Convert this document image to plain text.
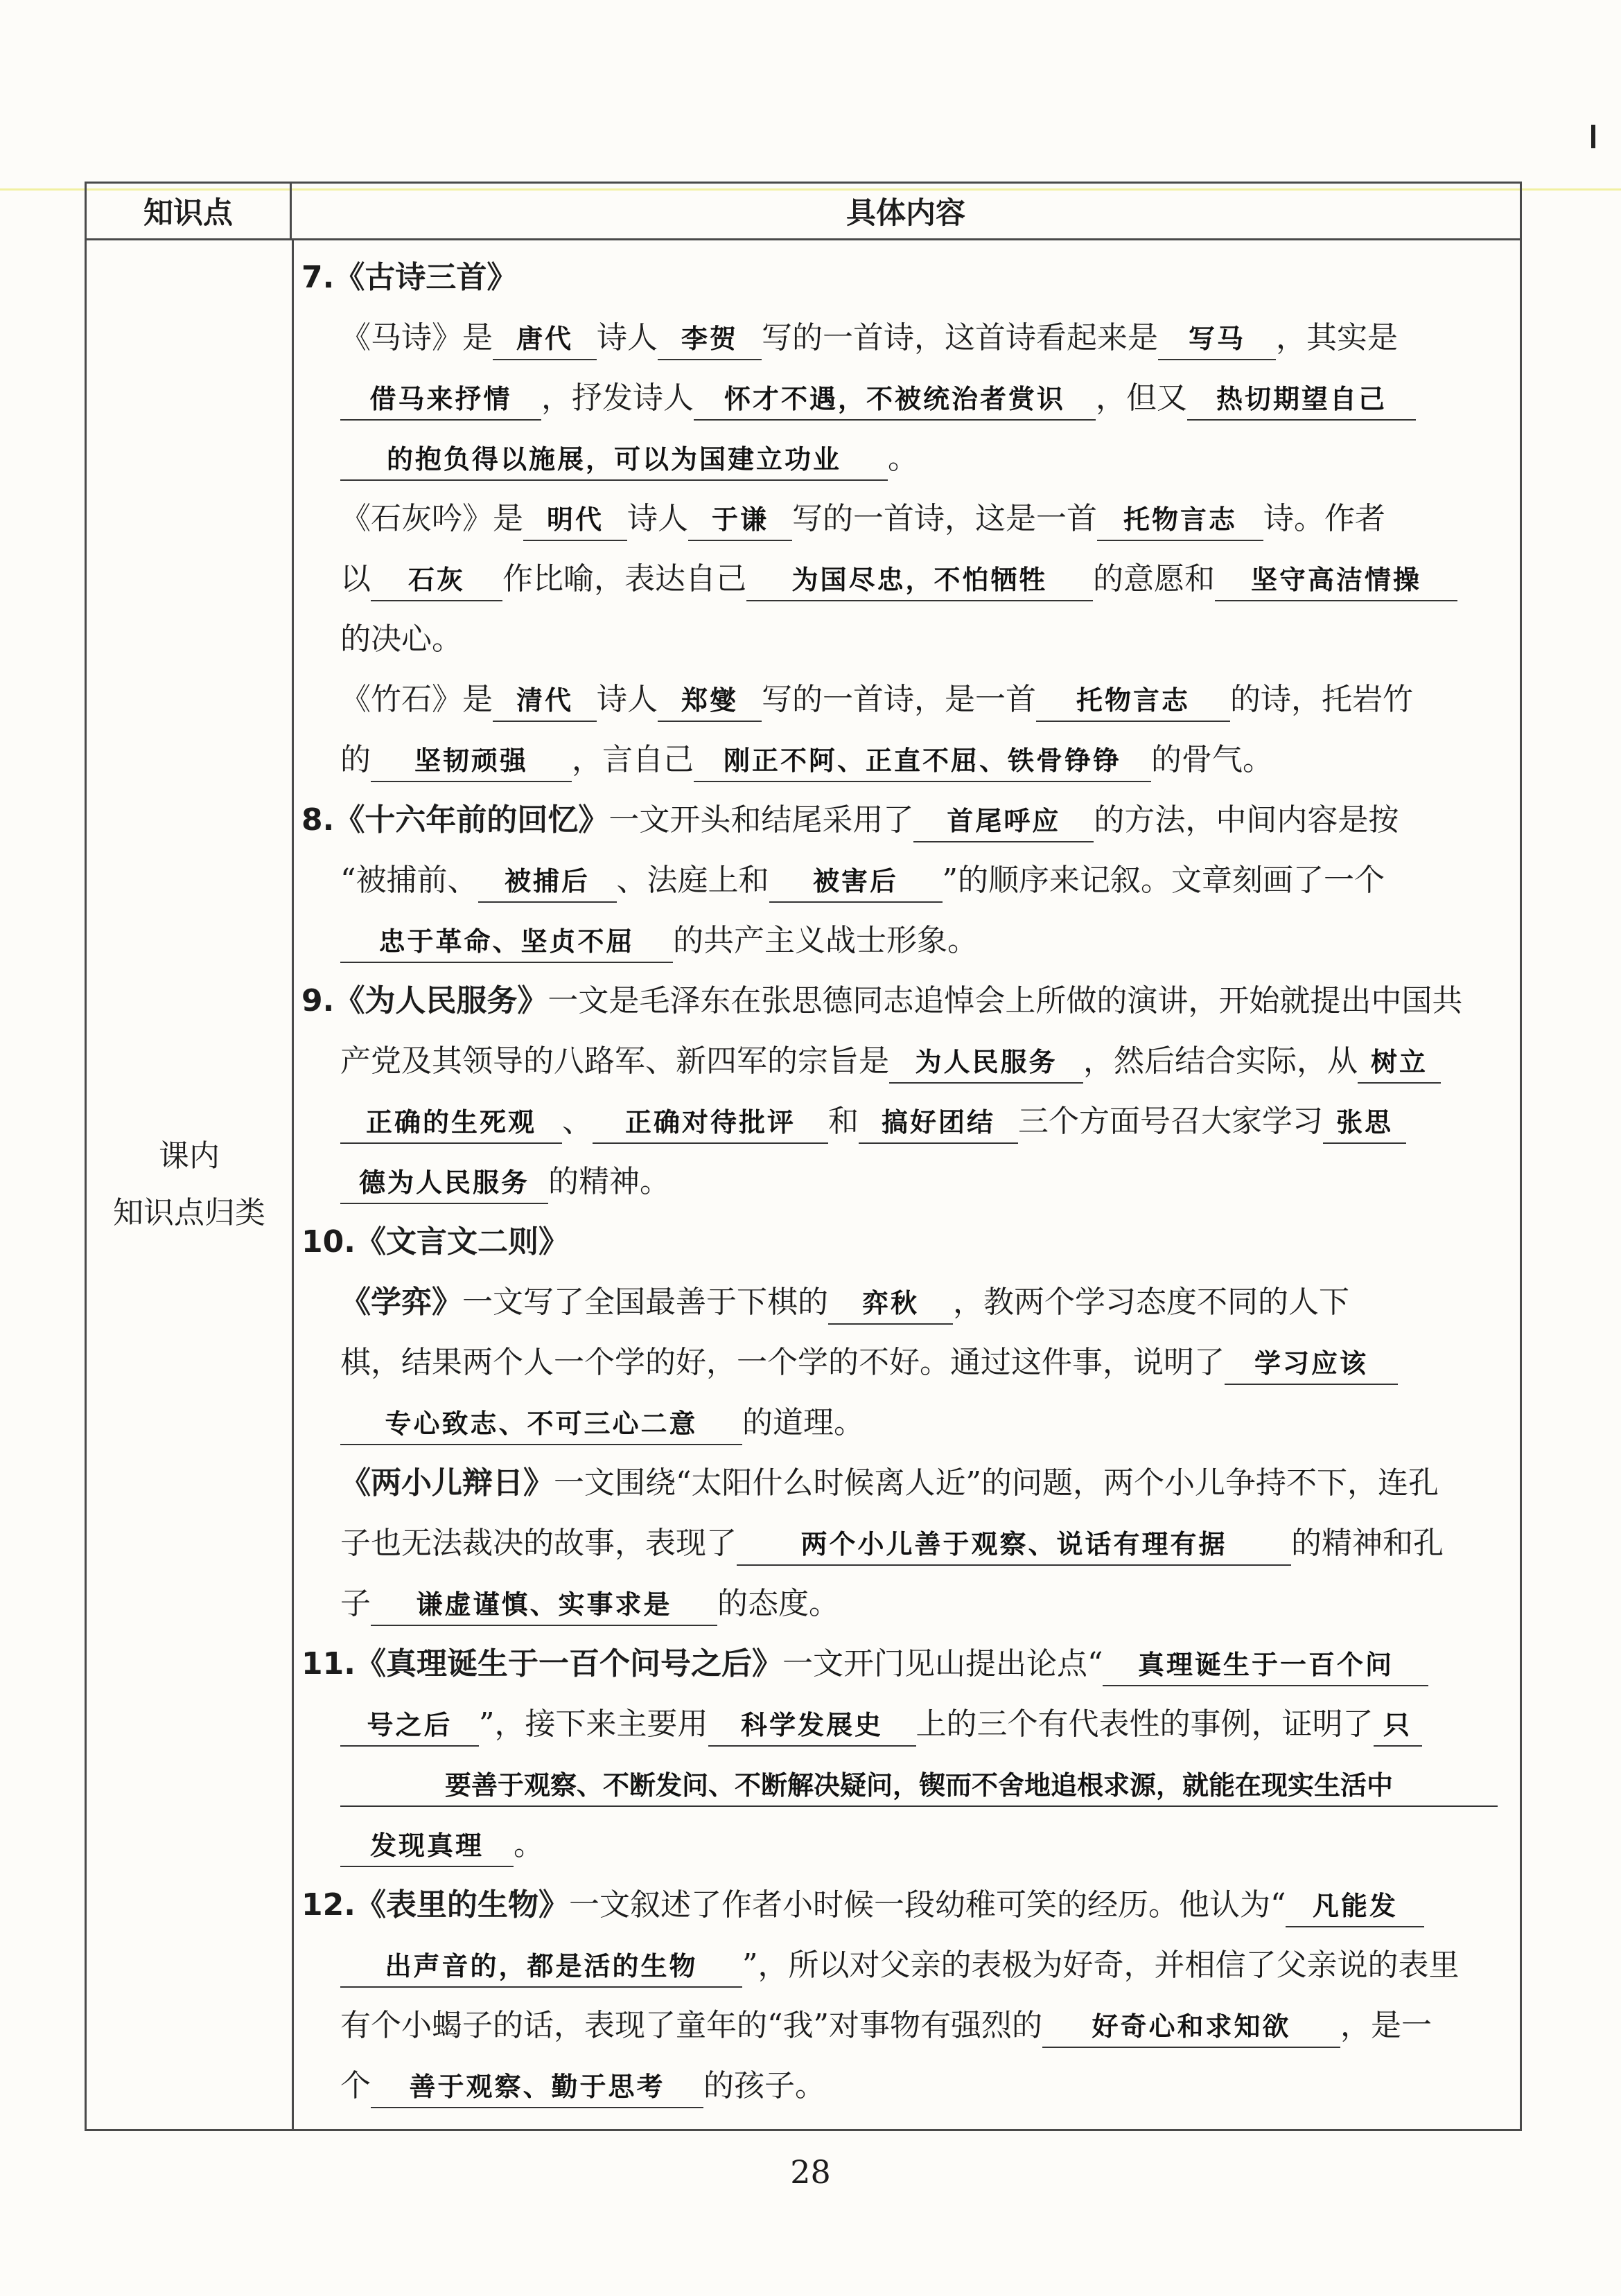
知识点	具体内容
课内
知识点归类
7.《古诗三首》
《马诗》是 唐代 诗人 李贺 写的一首诗，这首诗看起来是 写马 ，其实是
借马来抒情 ，抒发诗人 怀才不遇，不被统治者赏识 ，但又 热切期望自己
的抱负得以施展，可以为国建立功业 。
《石灰吟》是 明代 诗人 于谦 写的一首诗，这是一首 托物言志 诗。作者
以 石灰 作比喻，表达自己 为国尽忠，不怕牺牲 的意愿和 坚守高洁情操
的决心。
《竹石》是 清代 诗人 郑燮 写的一首诗，是一首 托物言志 的诗，托岩竹
的 坚韧顽强 ，言自己 刚正不阿、正直不屈、铁骨铮铮 的骨气。
8.《十六年前的回忆》一文开头和结尾采用了 首尾呼应 的方法，中间内容是按
“被捕前、 被捕后 、法庭上和 被害后 ”的顺序来记叙。文章刻画了一个
忠于革命、坚贞不屈 的共产主义战士形象。
9.《为人民服务》一文是毛泽东在张思德同志追悼会上所做的演讲，开始就提出中国共
产党及其领导的八路军、新四军的宗旨是 为人民服务 ，然后结合实际，从 树立
正确的生死观 、 正确对待批评 和 搞好团结 三个方面号召大家学习 张思
德为人民服务 的精神。
10.《文言文二则》
《学弈》一文写了全国最善于下棋的 弈秋 ，教两个学习态度不同的人下
棋，结果两个人一个学的好，一个学的不好。通过这件事，说明了 学习应该
专心致志、不可三心二意 的道理。
《两小儿辩日》一文围绕“太阳什么时候离人近”的问题，两个小儿争持不下，连孔
子也无法裁决的故事，表现了 两个小儿善于观察、说话有理有据 的精神和孔
子 谦虚谨慎、实事求是 的态度。
11.《真理诞生于一百个问号之后》一文开门见山提出论点“ 真理诞生于一百个问
号之后 ”，接下来主要用 科学发展史 上的三个有代表性的事例，证明了 只
要善于观察、不断发问、不断解决疑问，锲而不舍地追根求源，就能在现实生活中
发现真理 。
12.《表里的生物》一文叙述了作者小时候一段幼稚可笑的经历。他认为“ 凡能发
出声音的，都是活的生物 ”，所以对父亲的表极为好奇，并相信了父亲说的表里
有个小蝎子的话，表现了童年的“我”对事物有强烈的 好奇心和求知欲 ，是一
个 善于观察、勤于思考 的孩子。
28
